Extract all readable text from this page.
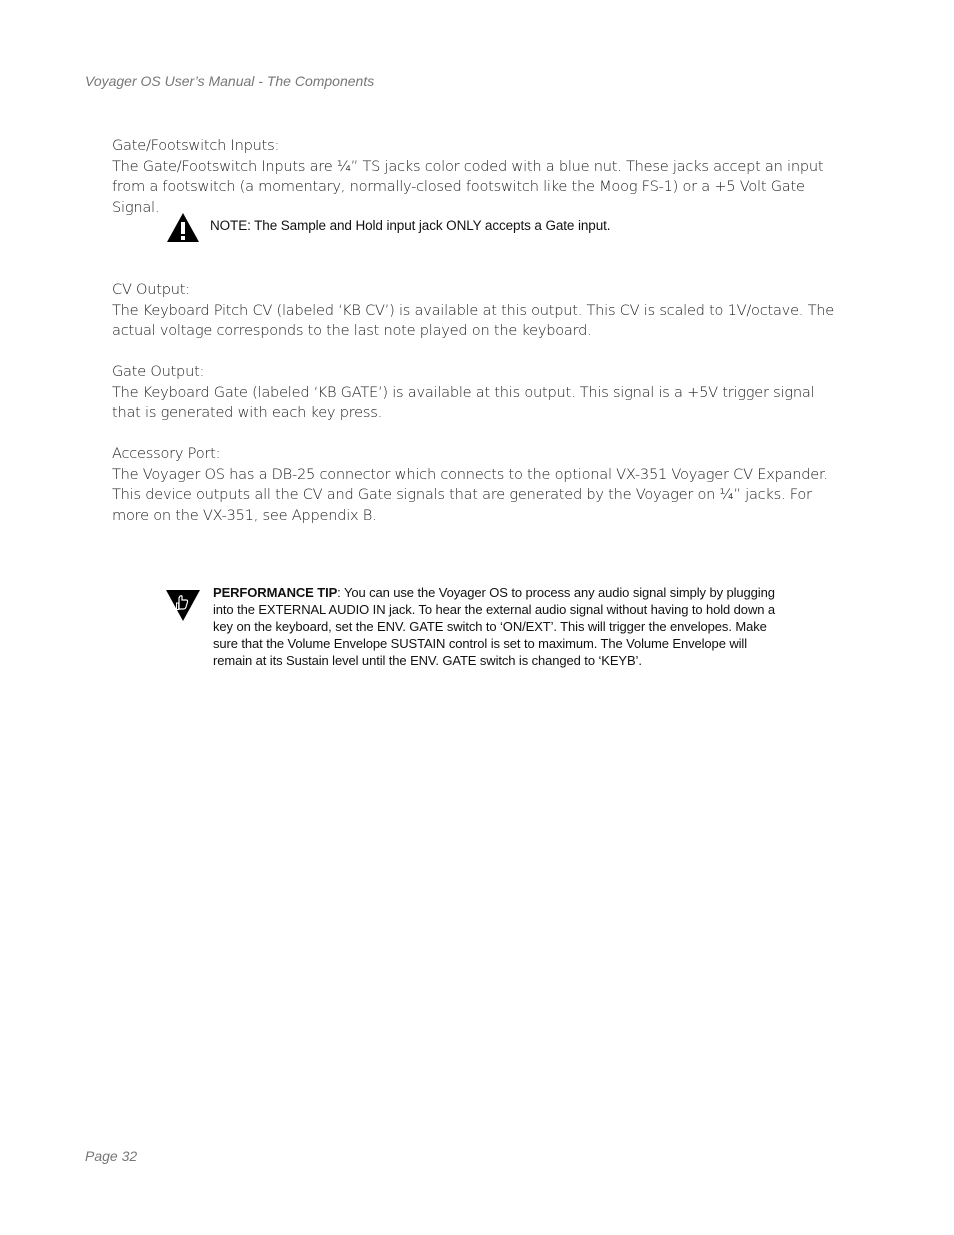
Voyager OS User’s Manual - The Components
Gate/Footswitch Inputs:
The Gate/Footswitch Inputs are ¼” TS jacks color coded with a blue nut. These jacks accept an input from a footswitch (a momentary, normally-closed footswitch like the Moog FS-1) or a +5 Volt Gate Signal.
NOTE: The Sample and Hold input jack ONLY accepts a Gate input.
CV Output:
The Keyboard Pitch CV (labeled ‘KB CV’) is available at this output. This CV is scaled to 1V/octave. The actual voltage corresponds to the last note played on the keyboard.
Gate Output:
The Keyboard Gate (labeled ‘KB GATE’) is available at this output. This signal is a +5V trigger signal that is generated with each key press.
Accessory Port:
The Voyager OS has a DB-25 connector which connects to the optional VX-351 Voyager CV Expander. This device outputs all the CV and Gate signals that are generated by the Voyager on ¼” jacks. For more on the VX-351, see Appendix B.
PERFORMANCE TIP: You can use the Voyager OS to process any audio signal simply by plugging into the EXTERNAL AUDIO IN jack. To hear the external audio signal without having to hold down a key on the keyboard, set the ENV. GATE switch to ‘ON/EXT’. This will trigger the envelopes. Make sure that the Volume Envelope SUSTAIN control is set to maximum. The Volume Envelope will remain at its Sustain level until the ENV. GATE switch is changed to ‘KEYB’.
Page 32
